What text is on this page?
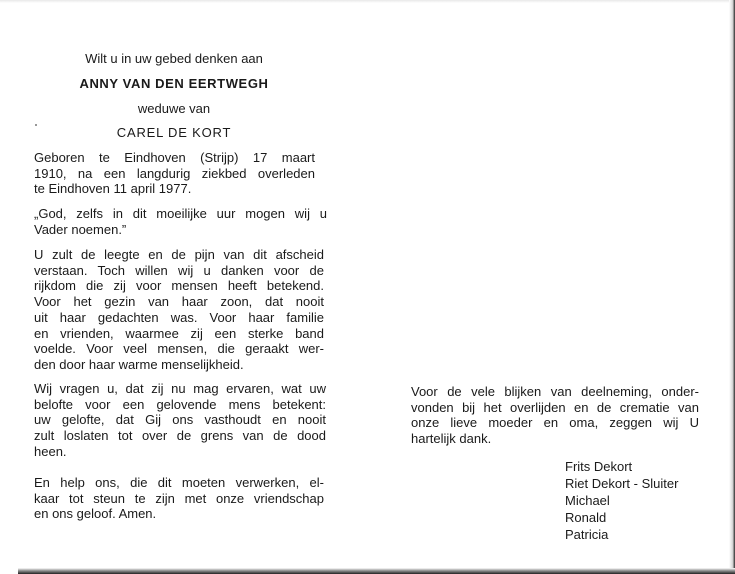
Wilt u in uw gebed denken aan

ANNY VAN DEN EERTWEGH

weduwe van

CAREL DE KORT

Geboren te Eindhoven (Strijp) 17 maart
1910, na een langdurig ziekbed overleden
te Eindhoven 11 april 1977.
„God, zelfs in dit moeilijke uur mogen wij u
Vader noemen.”
U zult de leegte en de pijn van dit afscheid
verstaan. Toch willen wij u danken voor de
rijkdom die zij voor mensen heeft betekend.
Voor het gezin van haar zoon, dat nooit
uit haar gedachten was. Voor haar familie
en vrienden, waarmee zij een sterke band
voelde. Voor veel mensen, die geraakt wer-
den door haar warme menselijkheid.
Wij vragen u, dat zij nu mag ervaren, wat uw
belofte voor een gelovende mens betekent:
uw gelofte, dat Gij ons vasthoudt en nooit
zult loslaten tot over de grens van de dood
heen.
En help ons, die dit moeten verwerken, el-
kaar tot steun te zijn met onze vriendschap
en ons geloof. Amen.
Voor de vele blijken van deelneming, onder-
vonden bij het overlijden en de crematie van
onze lieve moeder en oma, zeggen wij U
hartelijk dank.
Frits Dekort
Riet Dekort - Sluiter
Michael
Ronald
Patricia
